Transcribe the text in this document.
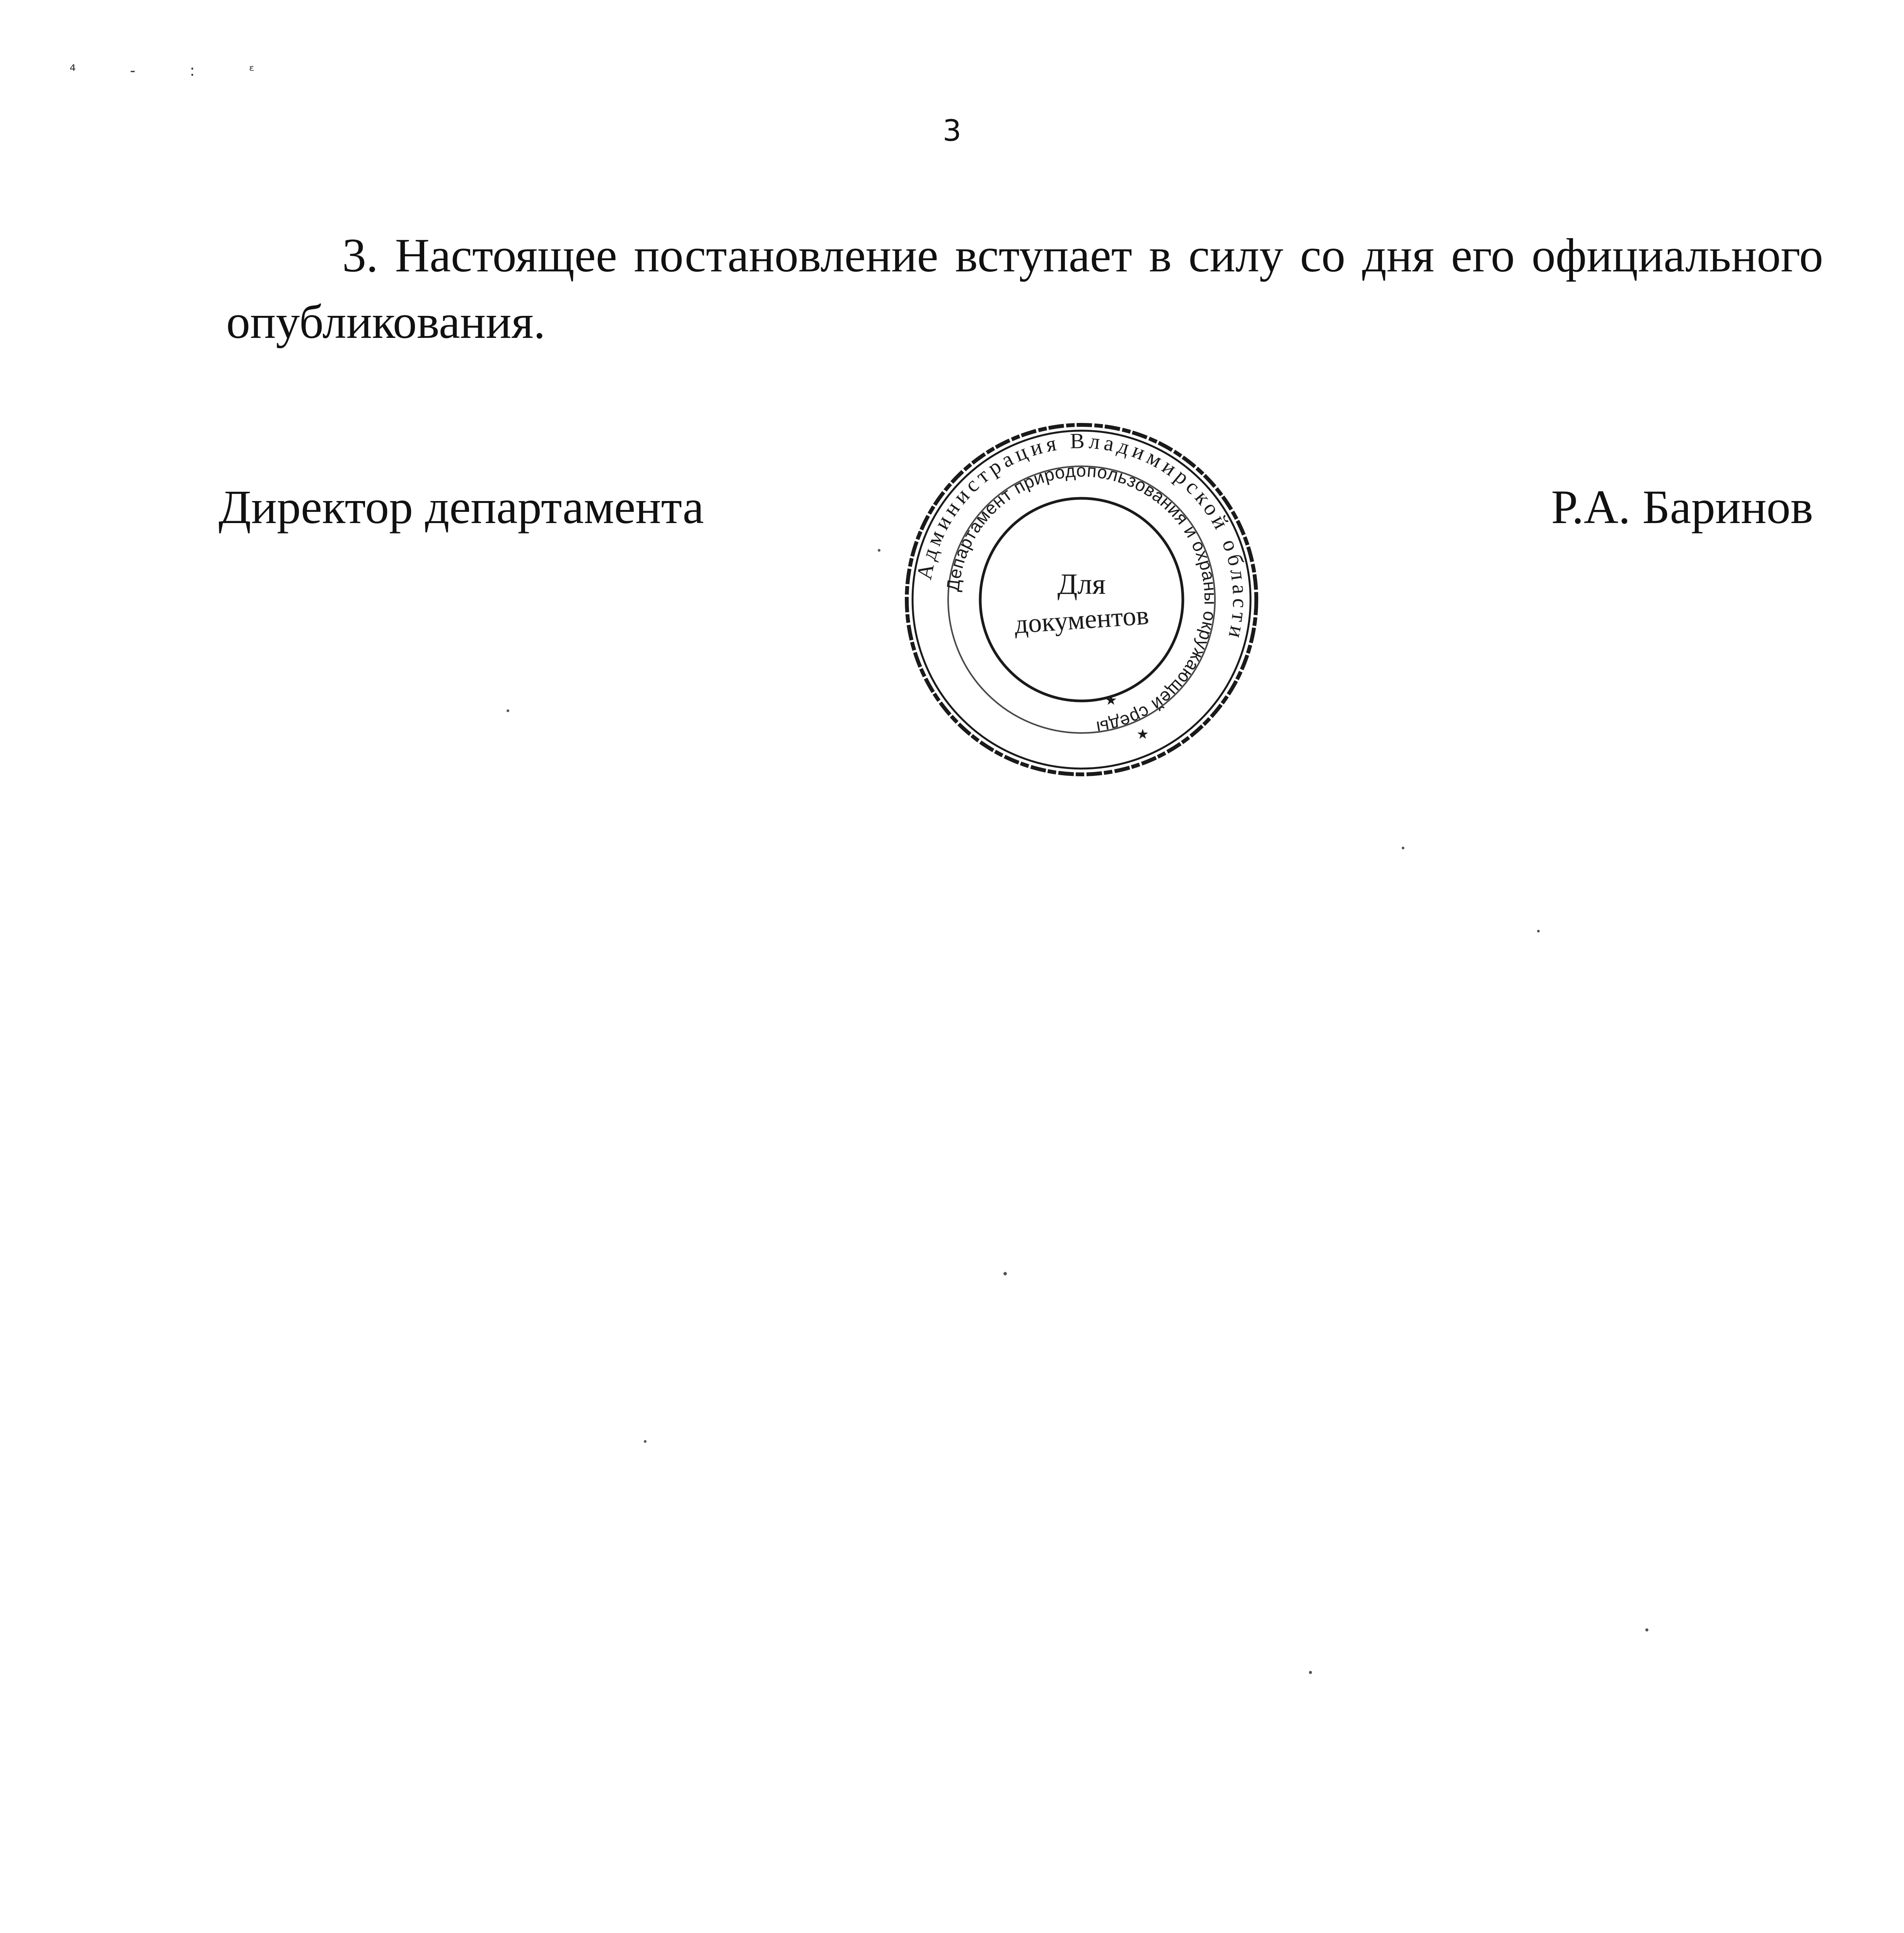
⁴-:ᵋ
3

3. Настоящее постановление вступает в силу со дня его официального опубликования.

Директор департамента
Администрация Владимирской области
Департамент природопользования и охраны окружающей среды
Для
документов
★
★
Р.А. Баринов
